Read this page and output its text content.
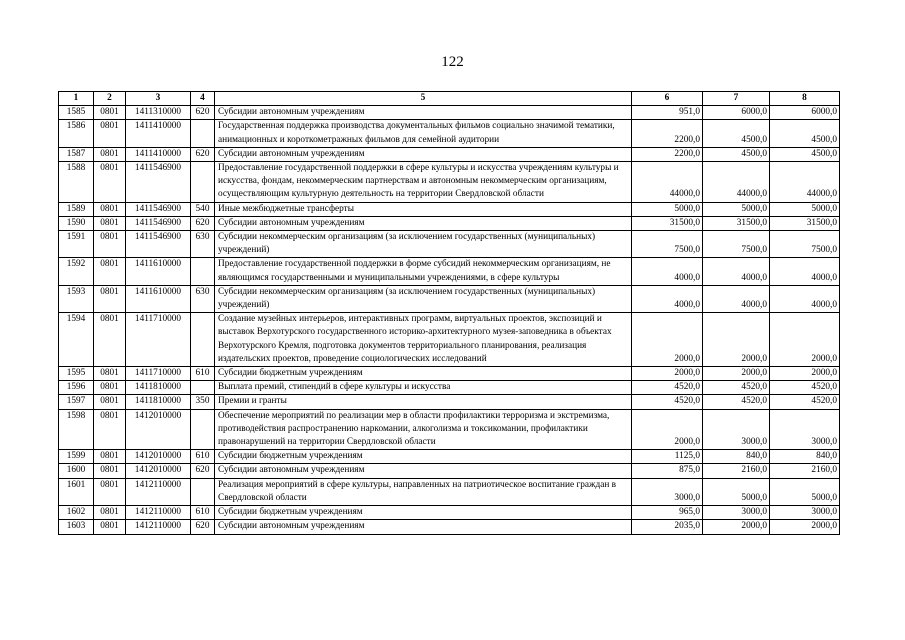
122
1	2	3	4	5	6	7	8
1585	0801	1411310000	620	Субсидии автономным учреждениям	951,0	6000,0	6000,0
1586	0801	1411410000		Государственная поддержка производства документальных фильмов социально значимой тематики, анимационных и короткометражных фильмов для семейной аудитории	2200,0	4500,0	4500,0
1587	0801	1411410000	620	Субсидии автономным учреждениям	2200,0	4500,0	4500,0
1588	0801	1411546900		Предоставление государственной поддержки в сфере культуры и искусства учреждениям культуры и искусства, фондам, некоммерческим партнерствам и автономным некоммерческим организациям, осуществляющим культурную деятельность на территории Свердловской области	44000,0	44000,0	44000,0
1589	0801	1411546900	540	Иные межбюджетные трансферты	5000,0	5000,0	5000,0
1590	0801	1411546900	620	Субсидии автономным учреждениям	31500,0	31500,0	31500,0
1591	0801	1411546900	630	Субсидии некоммерческим организациям (за исключением государственных (муниципальных) учреждений)	7500,0	7500,0	7500,0
1592	0801	1411610000		Предоставление государственной поддержки в форме субсидий некоммерческим организациям, не являющимся государственными и муниципальными учреждениями, в сфере культуры	4000,0	4000,0	4000,0
1593	0801	1411610000	630	Субсидии некоммерческим организациям (за исключением государственных (муниципальных) учреждений)	4000,0	4000,0	4000,0
1594	0801	1411710000		Создание музейных интерьеров, интерактивных программ, виртуальных проектов, экспозиций и выставок Верхотурского государственного историко-архитектурного музея-заповедника в объектах Верхотурского Кремля, подготовка документов территориального планирования, реализация издательских проектов, проведение социологических исследований	2000,0	2000,0	2000,0
1595	0801	1411710000	610	Субсидии бюджетным учреждениям	2000,0	2000,0	2000,0
1596	0801	1411810000		Выплата премий, стипендий в сфере культуры и искусства	4520,0	4520,0	4520,0
1597	0801	1411810000	350	Премии и гранты	4520,0	4520,0	4520,0
1598	0801	1412010000		Обеспечение мероприятий по реализации мер в области профилактики терроризма и экстремизма, противодействия распространению наркомании, алкоголизма и токсикомании, профилактики правонарушений на территории Свердловской области	2000,0	3000,0	3000,0
1599	0801	1412010000	610	Субсидии бюджетным учреждениям	1125,0	840,0	840,0
1600	0801	1412010000	620	Субсидии автономным учреждениям	875,0	2160,0	2160,0
1601	0801	1412110000		Реализация мероприятий в сфере культуры, направленных на патриотическое воспитание граждан в Свердловской области	3000,0	5000,0	5000,0
1602	0801	1412110000	610	Субсидии бюджетным учреждениям	965,0	3000,0	3000,0
1603	0801	1412110000	620	Субсидии автономным учреждениям	2035,0	2000,0	2000,0
